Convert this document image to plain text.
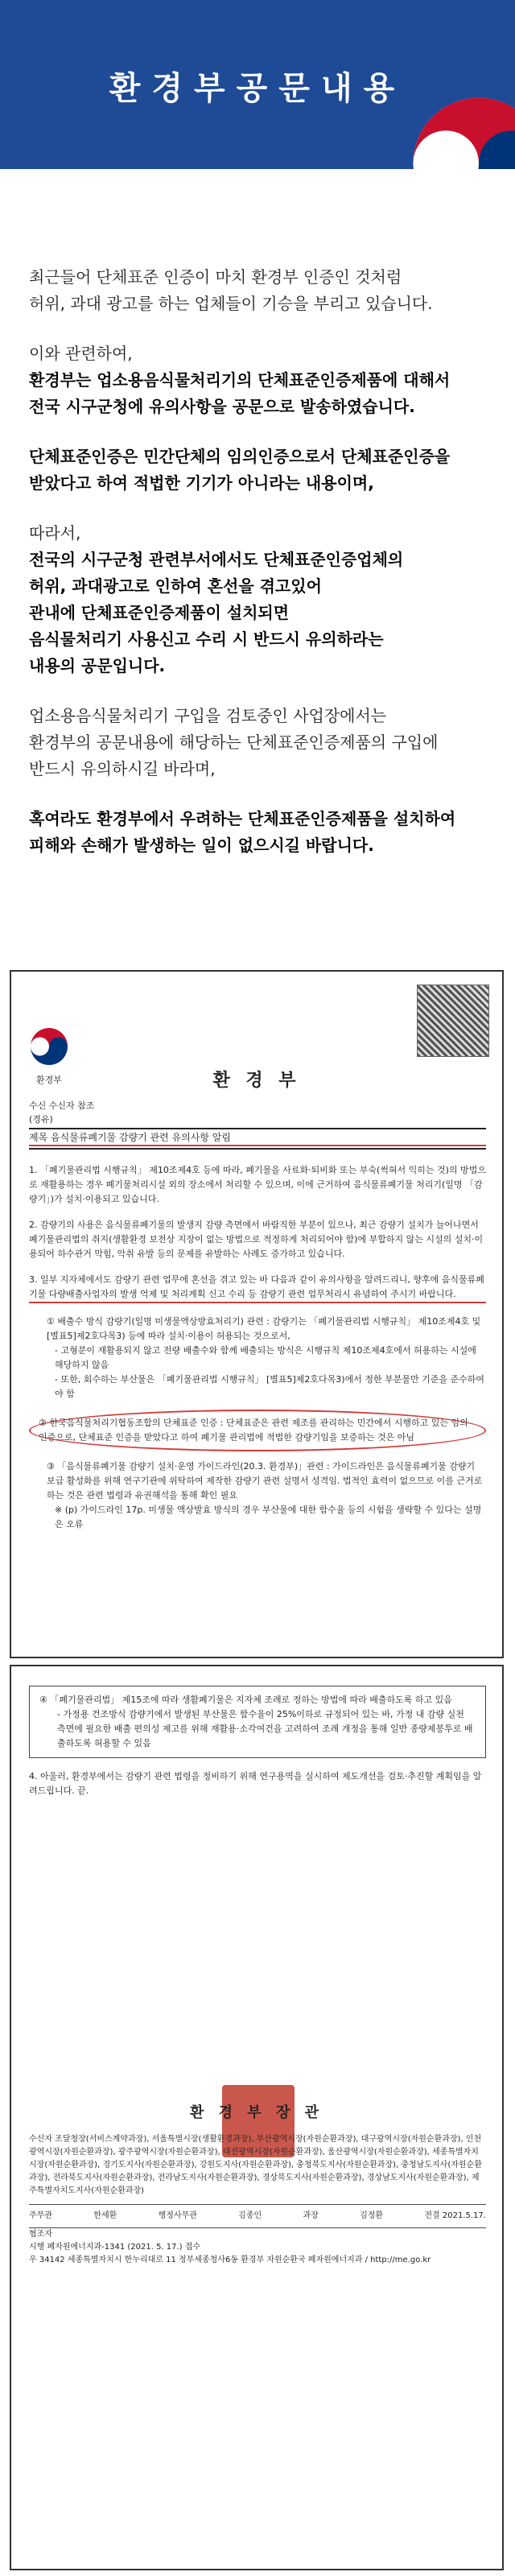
환경부공문내용

최근들어 단체표준 인증이 마치 환경부 인증인 것처럼
허위, 과대 광고를 하는 업체들이 기승을 부리고 있습니다.

이와 관련하여,
환경부는 업소용음식물처리기의 단체표준인증제품에 대해서
전국 시구군청에 유의사항을 공문으로 발송하였습니다.

단체표준인증은 민간단체의 임의인증으로서 단체표준인증을
받았다고 하여 적법한 기기가 아니라는 내용이며,

따라서,
전국의 시구군청 관련부서에서도 단체표준인증업체의
허위, 과대광고로 인하여 혼선을 겪고있어
관내에 단체표준인증제품이 설치되면
음식물처리기 사용신고 수리 시 반드시 유의하라는
내용의 공문입니다.

업소용음식물처리기 구입을 검토중인 사업장에서는
환경부의 공문내용에 해당하는 단체표준인증제품의 구입에
반드시 유의하시길 바라며,

혹여라도 환경부에서 우려하는 단체표준인증제품을 설치하여
피해와 손해가 발생하는 일이 없으시길 바랍니다.

환경부	환 경 부
수신 수신자 참조
(경유)
제목 음식물류폐기물 감량기 관련 유의사항 알림

1. 「폐기물관리법 시행규칙」 제10조제4호 등에 따라, 폐기물을 사료화·퇴비화 또는 부숙(썩혀서 익히는 것)의 방법으로 재활용하는 경우 폐기물처리시설 외의 장소에서 처리할 수 있으며, 이에 근거하여 음식물류폐기물 처리기(일명 「감량기」)가 설치·이용되고 있습니다.

2. 감량기의 사용은 음식물류폐기물의 발생지 감량 측면에서 바람직한 부분이 있으나, 최근 감량기 설치가 늘어나면서 폐기물관리법의 취지(생활환경 보전상 지장이 없는 방법으로 적정하게 처리되어야 함)에 부합하지 않는 시설의 설치·이용되어 하수관거 막힘, 악취 유발 등의 문제를 유발하는 사례도 증가하고 있습니다.

3. 일부 지자체에서도 감량기 관련 업무에 혼선을 겪고 있는 바 다음과 같이 유의사항을 알려드리니, 향후에 음식물류폐기물 다량배출사업자의 발생 억제 및 처리계획 신고 수리 등 감량기 관련 업무처리시 유념하여 주시기 바랍니다.

① 배출수 방식 감량기(일명 미생물액상방효처리기) 관련 : 감량기는 「폐기물관리법 시행규칙」 제10조제4호 및 [별표5]제2호다목3) 등에 따라 설치·이용이 허용되는 것으로서,
- 고형분이 재활용되지 않고 전량 배출수와 함께 배출되는 방식은 시행규칙 제10조제4호에서 허용하는 시설에 해당하지 않음
- 또한, 회수하는 부산물은 「폐기물관리법 시행규칙」 [별표5]제2호다목3)에서 정한 부분물만 기준을 준수하여야 함
② 한국음식물처리기협동조합의 단체표준 인증 : 단체표준은 관련 제조를 관리하는 민간에서 시행하고 있는 임의 인증으로, 단체표준 인증을 받았다고 하여 폐기물 관리법에 적법한 감량기임을 보증하는 것은 아님
③ 「음식물류폐기물 감량기 설치·운영 가이드라인(20.3. 환경부)」관련 : 가이드라인은 음식물류폐기물 감량기 보급 활성화를 위해 연구기관에 위탁하여 제작한 감량기 관련 설명서 성격임. 법적인 효력이 없으므로 이를 근거로 하는 것은 관련 법령과 유권해석을 통해 확인 필요
※ (p) 가이드라인 17p. 미생물 액상발효 방식의 경우 부산물에 대한 함수율 등의 시험을 생략할 수 있다는 설명은 오류
④ 「폐기물관리법」 제15조에 따라 생활폐기물은 지자체 조례로 정하는 방법에 따라 배출하도록 하고 있음
- 가정용 건조방식 감량기에서 발생된 부산물은 함수율이 25%이하로 규정되어 있는 바, 가정 내 감량 실천 측면에 필요한 배출 편의성 제고를 위해 재활용·소각여건을 고려하여 조례 개정을 통해 일반 종량제봉투로 배출하도록 허용할 수 있음

4. 아울러, 환경부에서는 감량기 관련 법령을 정비하기 위해 연구용역을 실시하여 제도개선을 검토·추진할 계획임을 알려드립니다. 끝.

환 경 부 장 관
수신자 조달청장(서비스계약과장), 서울특별시장(생활환경과장), 부산광역시장(자원순환과장), 대구광역시장(자원순환과장), 인천광역시장(자원순환과장), 광주광역시장(자원순환과장), 대전광역시장(자원순환과장), 울산광역시장(자원순환과장), 세종특별자치시장(자원순환과장), 경기도지사(자원순환과장), 강원도지사(자원순환과장), 충청북도지사(자원순환과장), 충청남도지사(자원순환과장), 전라북도지사(자원순환과장), 전라남도지사(자원순환과장), 경상북도지사(자원순환과장), 경상남도지사(자원순환과장), 제주특별자치도지사(자원순환과장)
주무관	한세환	행정사무관	김종인	과장	김정환	전결 2021.5.17.
협조자
시행 폐자원에너지과-1341 (2021. 5. 17.) 접수
우 34142 세종특별자치시 한누리대로 11 정부세종청사6동 환경부 자원순환국 폐자원에너지과 / http://me.go.kr
